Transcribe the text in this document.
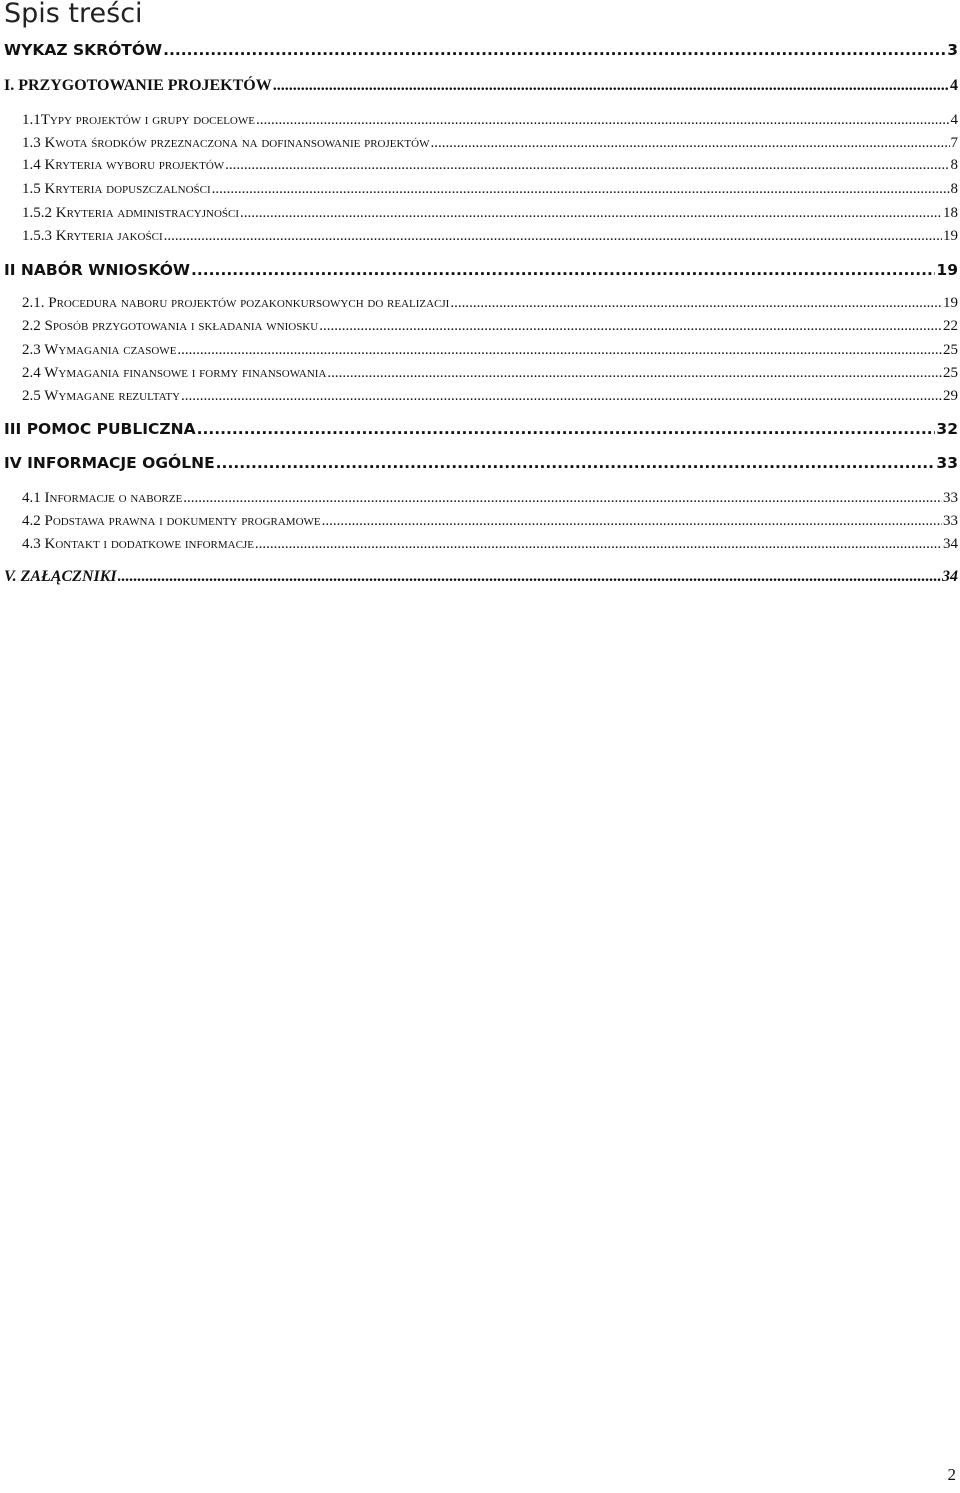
Spis treści
WYKAZ SKRÓTÓW .....	3
I. PRZYGOTOWANIE PROJEKTÓW .....	4
1.1Typy projektów i grupy docelowe .....	4
1.3 Kwota środków przeznaczona na dofinansowanie projektów .....	7
1.4 Kryteria wyboru projektów .....	8
1.5 Kryteria dopuszczalności .....	8
1.5.2 Kryteria administracyjności .....	18
1.5.3 Kryteria jakości .....	19
II NABÓR WNIOSKÓW .....	19
2.1. Procedura naboru projektów pozakonkursowych do realizacji .....	19
2.2 Sposób przygotowania i składania wniosku .....	22
2.3 Wymagania czasowe .....	25
2.4 Wymagania finansowe i formy finansowania .....	25
2.5 Wymagane rezultaty .....	29
III POMOC PUBLICZNA .....	32
IV INFORMACJE OGÓLNE .....	33
4.1 Informacje o naborze .....	33
4.2 Podstawa prawna i dokumenty programowe .....	33
4.3 Kontakt i dodatkowe informacje .....	34
V. ZAŁĄCZNIKI .....	34
2
